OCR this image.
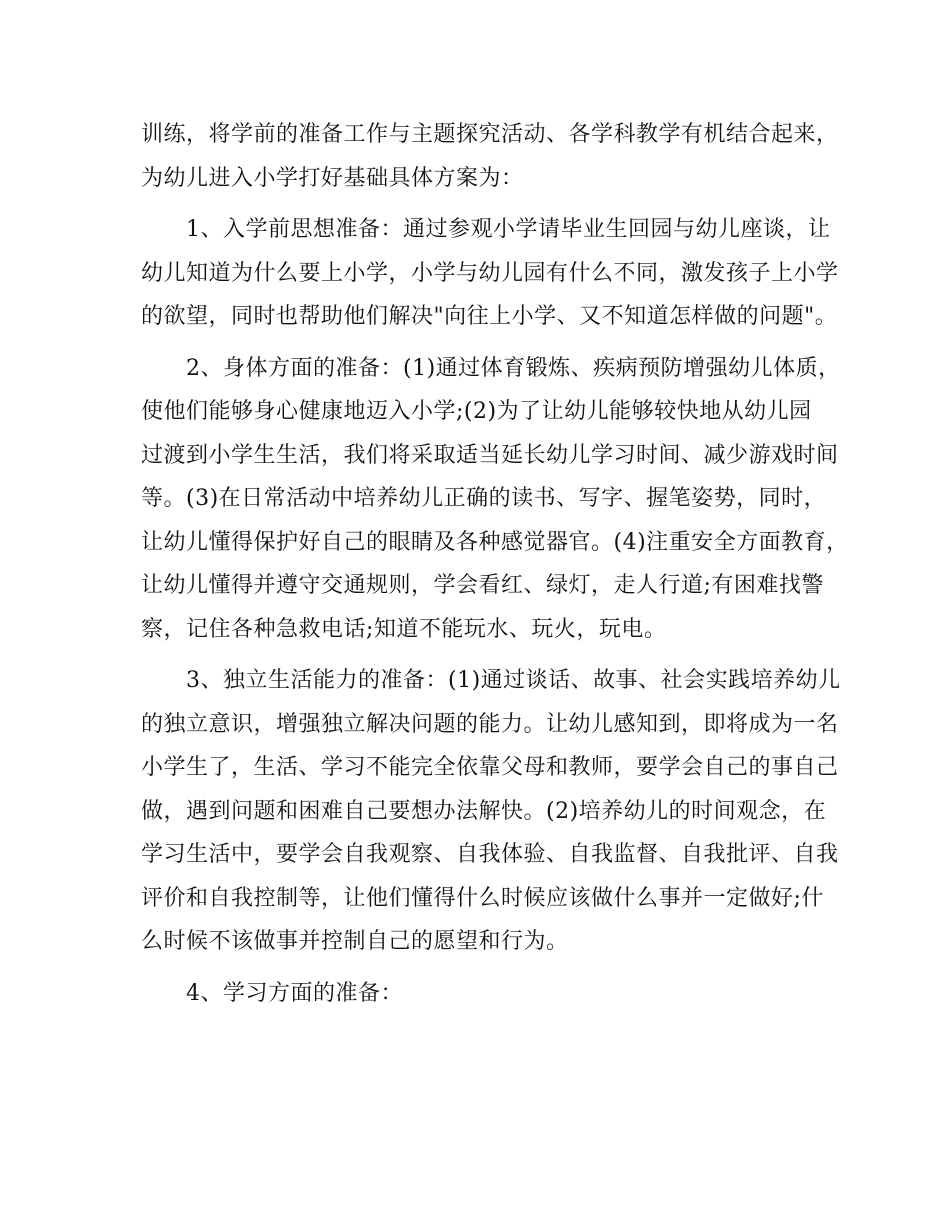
训练，将学前的准备工作与主题探究活动、各学科教学有机结合起来，
为幼儿进入小学打好基础具体方案为：
1、入学前思想准备：通过参观小学请毕业生回园与幼儿座谈，让
幼儿知道为什么要上小学，小学与幼儿园有什么不同，激发孩子上小学
的欲望，同时也帮助他们解决"向往上小学、又不知道怎样做的问题"。
2、身体方面的准备：(1)通过体育锻炼、疾病预防增强幼儿体质，
使他们能够身心健康地迈入小学;(2)为了让幼儿能够较快地从幼儿园
过渡到小学生生活，我们将采取适当延长幼儿学习时间、减少游戏时间
等。(3)在日常活动中培养幼儿正确的读书、写字、握笔姿势，同时，
让幼儿懂得保护好自己的眼睛及各种感觉器官。(4)注重安全方面教育，
让幼儿懂得并遵守交通规则，学会看红、绿灯，走人行道;有困难找警
察，记住各种急救电话;知道不能玩水、玩火，玩电。
3、独立生活能力的准备：(1)通过谈话、故事、社会实践培养幼儿
的独立意识，增强独立解决问题的能力。让幼儿感知到，即将成为一名
小学生了，生活、学习不能完全依靠父母和教师，要学会自己的事自己
做，遇到问题和困难自己要想办法解快。(2)培养幼儿的时间观念，在
学习生活中，要学会自我观察、自我体验、自我监督、自我批评、自我
评价和自我控制等，让他们懂得什么时候应该做什么事并一定做好;什
么时候不该做事并控制自己的愿望和行为。
4、学习方面的准备：
